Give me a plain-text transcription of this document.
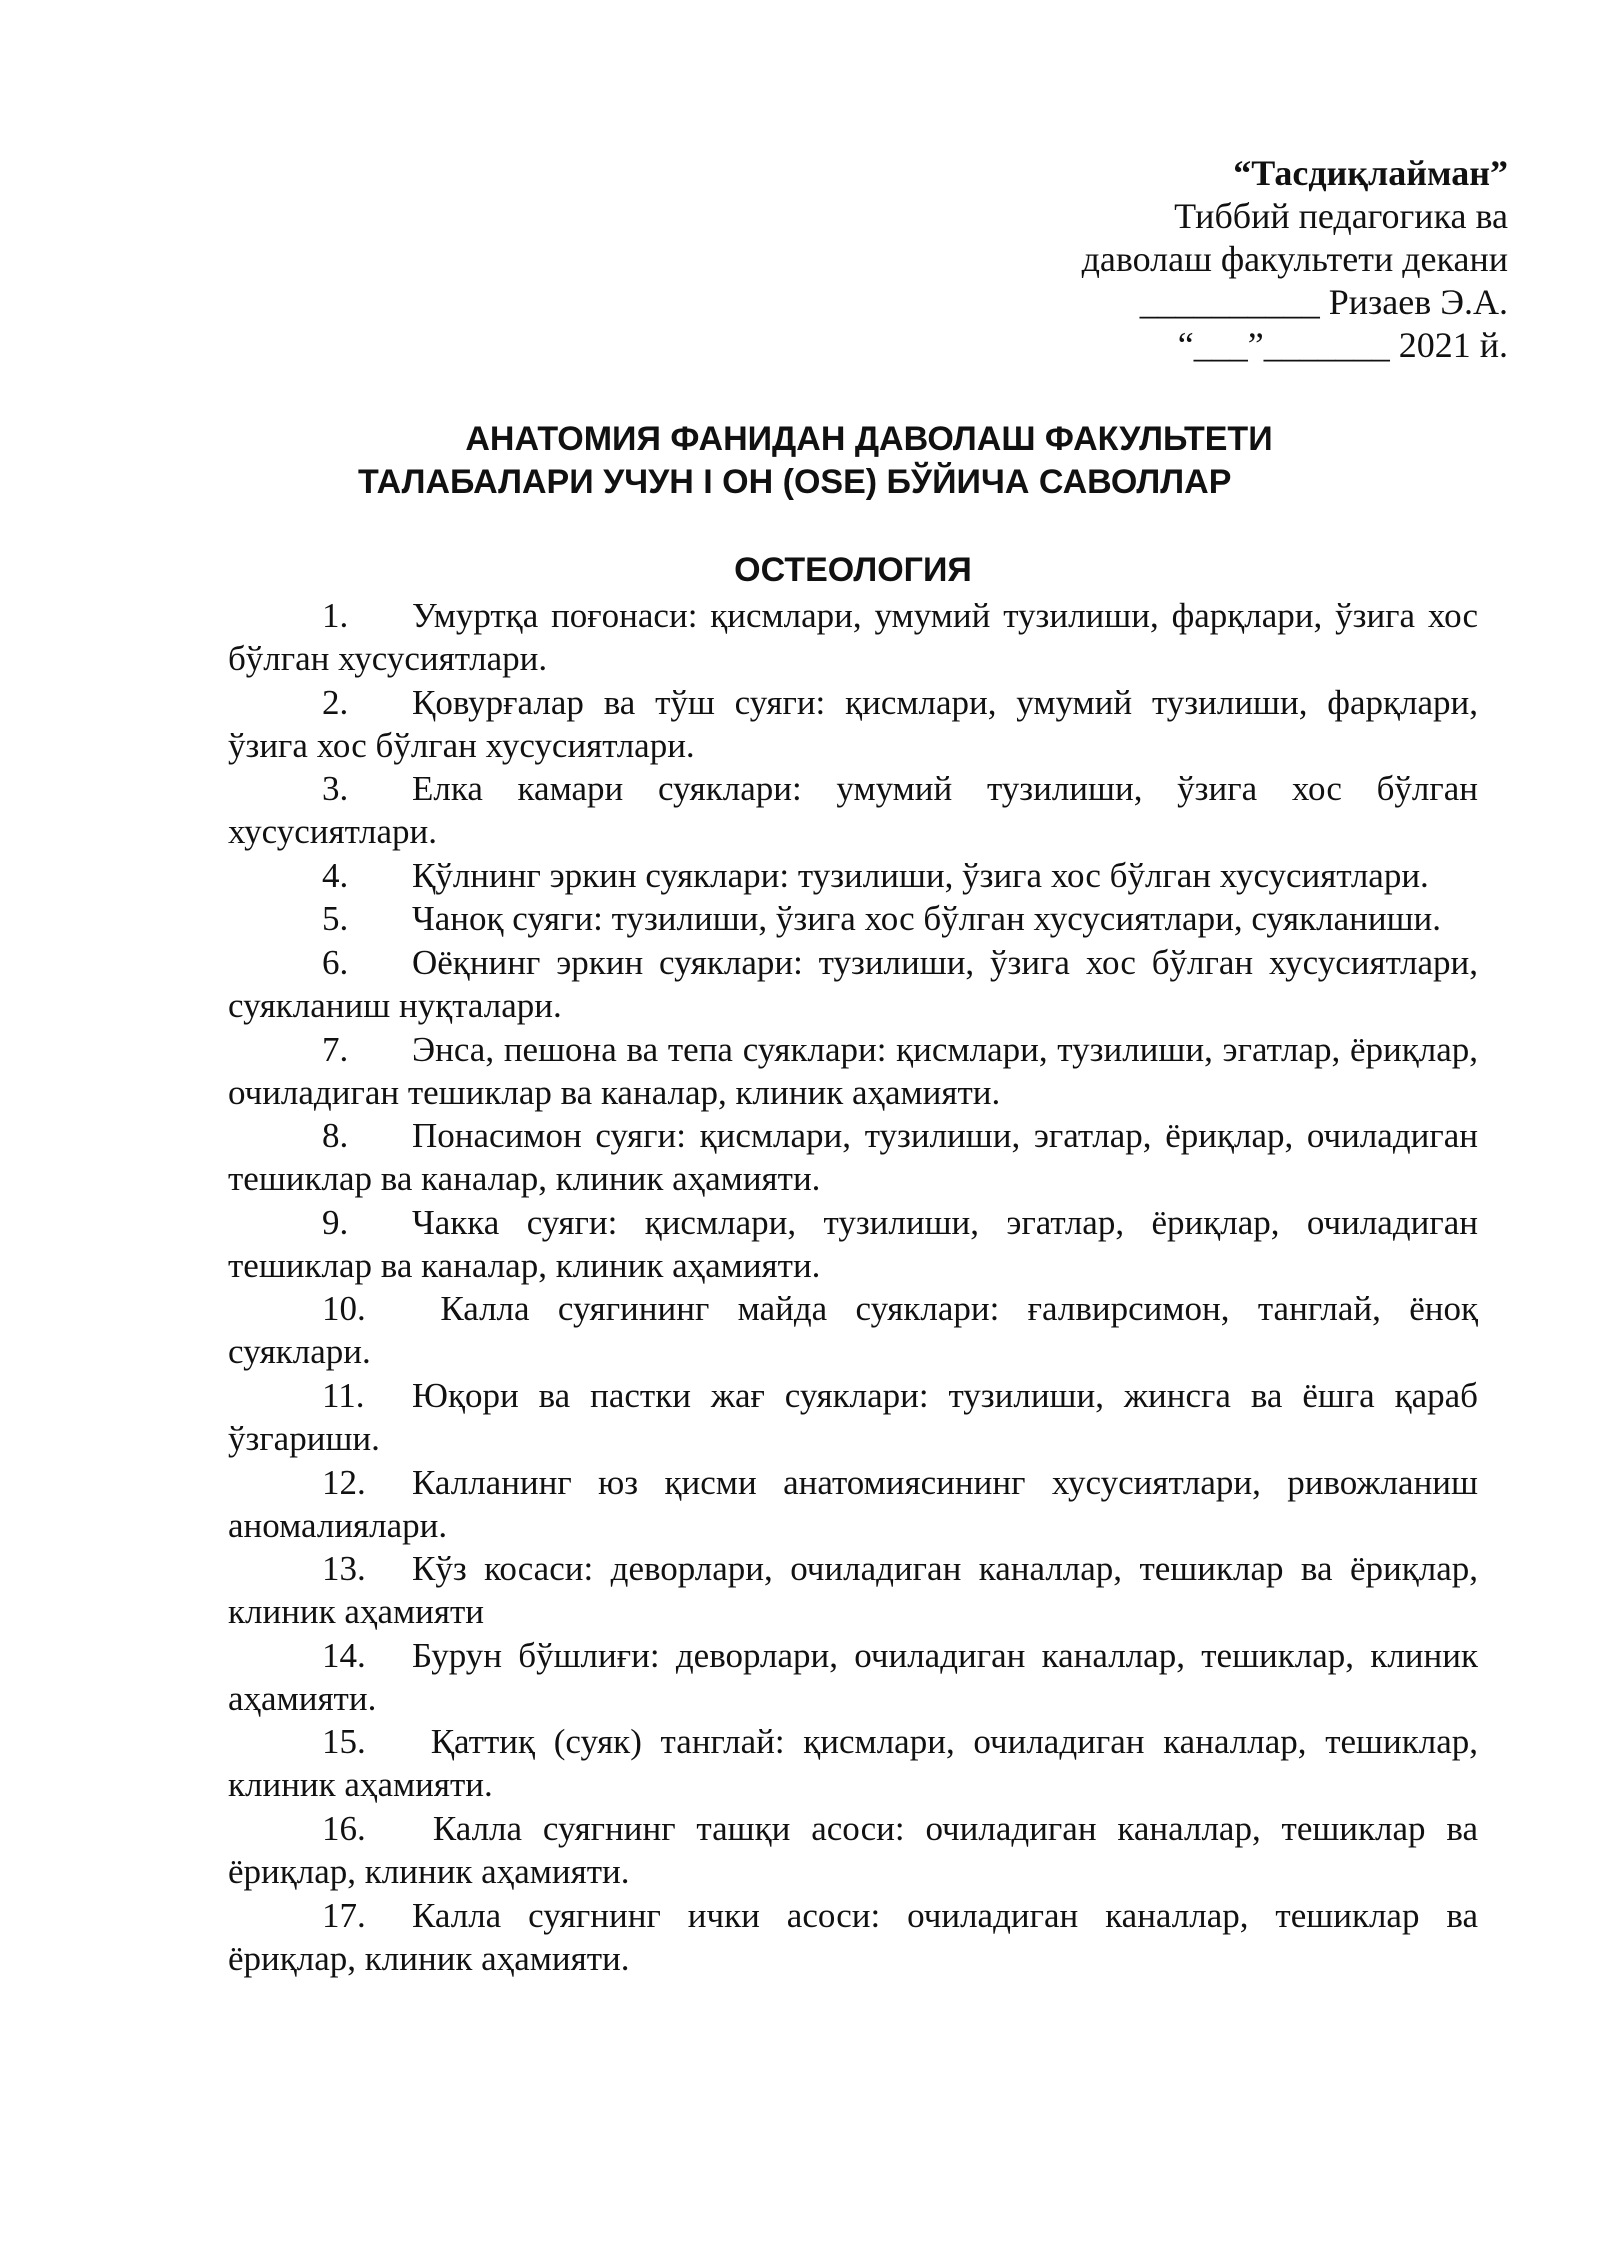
“Тасдиқлайман”
Тиббий педагогика ва
даволаш факультети декани
__________ Ризаев Э.А.
“___”_______ 2021 й.
АНАТОМИЯ ФАНИДАН ДАВОЛАШ ФАКУЛЬТЕТИ
ТАЛАБАЛАРИ УЧУН I ОН (OSE) БЎЙИЧА САВОЛЛАР
ОСТЕОЛОГИЯ
1. Умуртқа поғонаси: қисмлари, умумий тузилиши, фарқлари, ўзига хос бўлган хусусиятлари.
2. Қовурғалар ва тўш суяги: қисмлари, умумий тузилиши, фарқлари, ўзига хос бўлган хусусиятлари.
3. Елка камари суяклари: умумий тузилиши, ўзига хос бўлган хусусиятлари.
4. Қўлнинг эркин суяклари: тузилиши, ўзига хос бўлган хусусиятлари.
5. Чаноқ суяги: тузилиши, ўзига хос бўлган хусусиятлари, суякланиши.
6. Оёқнинг эркин суяклари: тузилиши, ўзига хос бўлган хусусиятлари, суякланиш нуқталари.
7. Энса, пешона ва тепа суяклари: қисмлари, тузилиши, эгатлар, ёриқлар, очиладиган тешиклар ва каналар, клиник аҳамияти.
8. Понасимон суяги: қисмлари, тузилиши, эгатлар, ёриқлар, очиладиган тешиклар ва каналар, клиник аҳамияти.
9. Чакка суяги: қисмлари, тузилиши, эгатлар, ёриқлар, очиладиган тешиклар ва каналар, клиник аҳамияти.
10. Калла суягининг майда суяклари: ғалвирсимон, танглай, ёноқ суяклари.
11. Юқори ва пастки жағ суяклари: тузилиши, жинсга ва ёшга қараб ўзгариши.
12. Калланинг юз қисми анатомиясининг хусусиятлари, ривожланиш аномалиялари.
13. Кўз косаси: деворлари, очиладиган каналлар, тешиклар ва ёриқлар, клиник аҳамияти
14. Бурун бўшлиғи: деворлари, очиладиган каналлар, тешиклар, клиник аҳамияти.
15. Қаттиқ (суяк) танглай: қисмлари, очиладиган каналлар, тешиклар, клиник аҳамияти.
16. Калла суягнинг ташқи асоси: очиладиган каналлар, тешиклар ва ёриқлар, клиник аҳамияти.
17. Калла суягнинг ички асоси: очиладиган каналлар, тешиклар ва ёриқлар, клиник аҳамияти.
